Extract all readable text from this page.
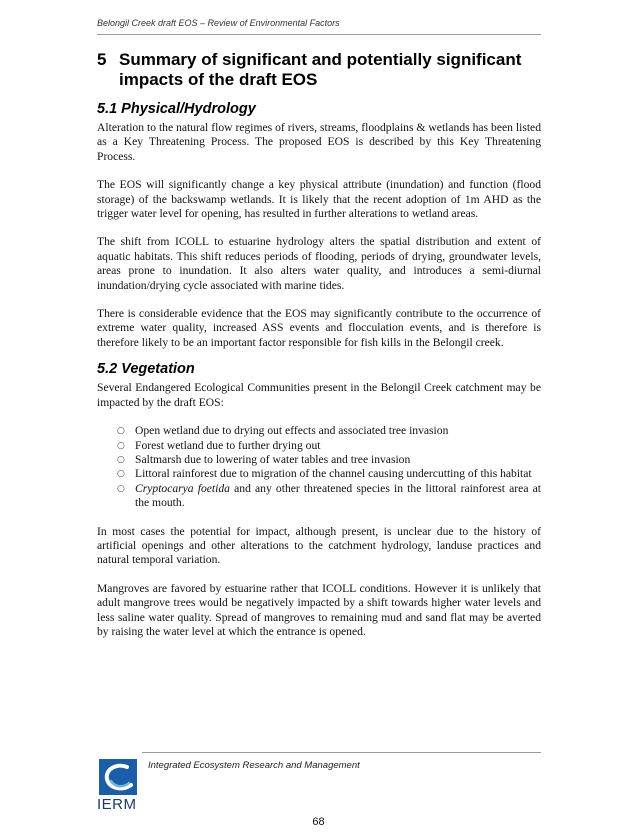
Belongil Creek draft EOS – Review of Environmental Factors
5 Summary of significant and potentially significant impacts of the draft EOS
5.1 Physical/Hydrology

Alteration to the natural flow regimes of rivers, streams, floodplains & wetlands has been listed as a Key Threatening Process. The proposed EOS is described by this Key Threatening Process.

The EOS will significantly change a key physical attribute (inundation) and function (flood storage) of the backswamp wetlands. It is likely that the recent adoption of 1m AHD as the trigger water level for opening, has resulted in further alterations to wetland areas.

The shift from ICOLL to estuarine hydrology alters the spatial distribution and extent of aquatic habitats. This shift reduces periods of flooding, periods of drying, groundwater levels, areas prone to inundation. It also alters water quality, and introduces a semi-diurnal inundation/drying cycle associated with marine tides.

There is considerable evidence that the EOS may significantly contribute to the occurrence of extreme water quality, increased ASS events and flocculation events, and is therefore is therefore likely to be an important factor responsible for fish kills in the Belongil creek.

5.2 Vegetation

Several Endangered Ecological Communities present in the Belongil Creek catchment may be impacted by the draft EOS:

○ Open wetland due to drying out effects and associated tree invasion
○ Forest wetland due to further drying out
○ Saltmarsh due to lowering of water tables and tree invasion
○ Littoral rainforest due to migration of the channel causing undercutting of this habitat
○ Cryptocarya foetida and any other threatened species in the littoral rainforest area at the mouth.

In most cases the potential for impact, although present, is unclear due to the history of artificial openings and other alterations to the catchment hydrology, landuse practices and natural temporal variation.

Mangroves are favored by estuarine rather that ICOLL conditions. However it is unlikely that adult mangrove trees would be negatively impacted by a shift towards higher water levels and less saline water quality. Spread of mangroves to remaining mud and sand flat may be averted by raising the water level at which the entrance is opened.

Integrated Ecosystem Research and Management
IERM
68
